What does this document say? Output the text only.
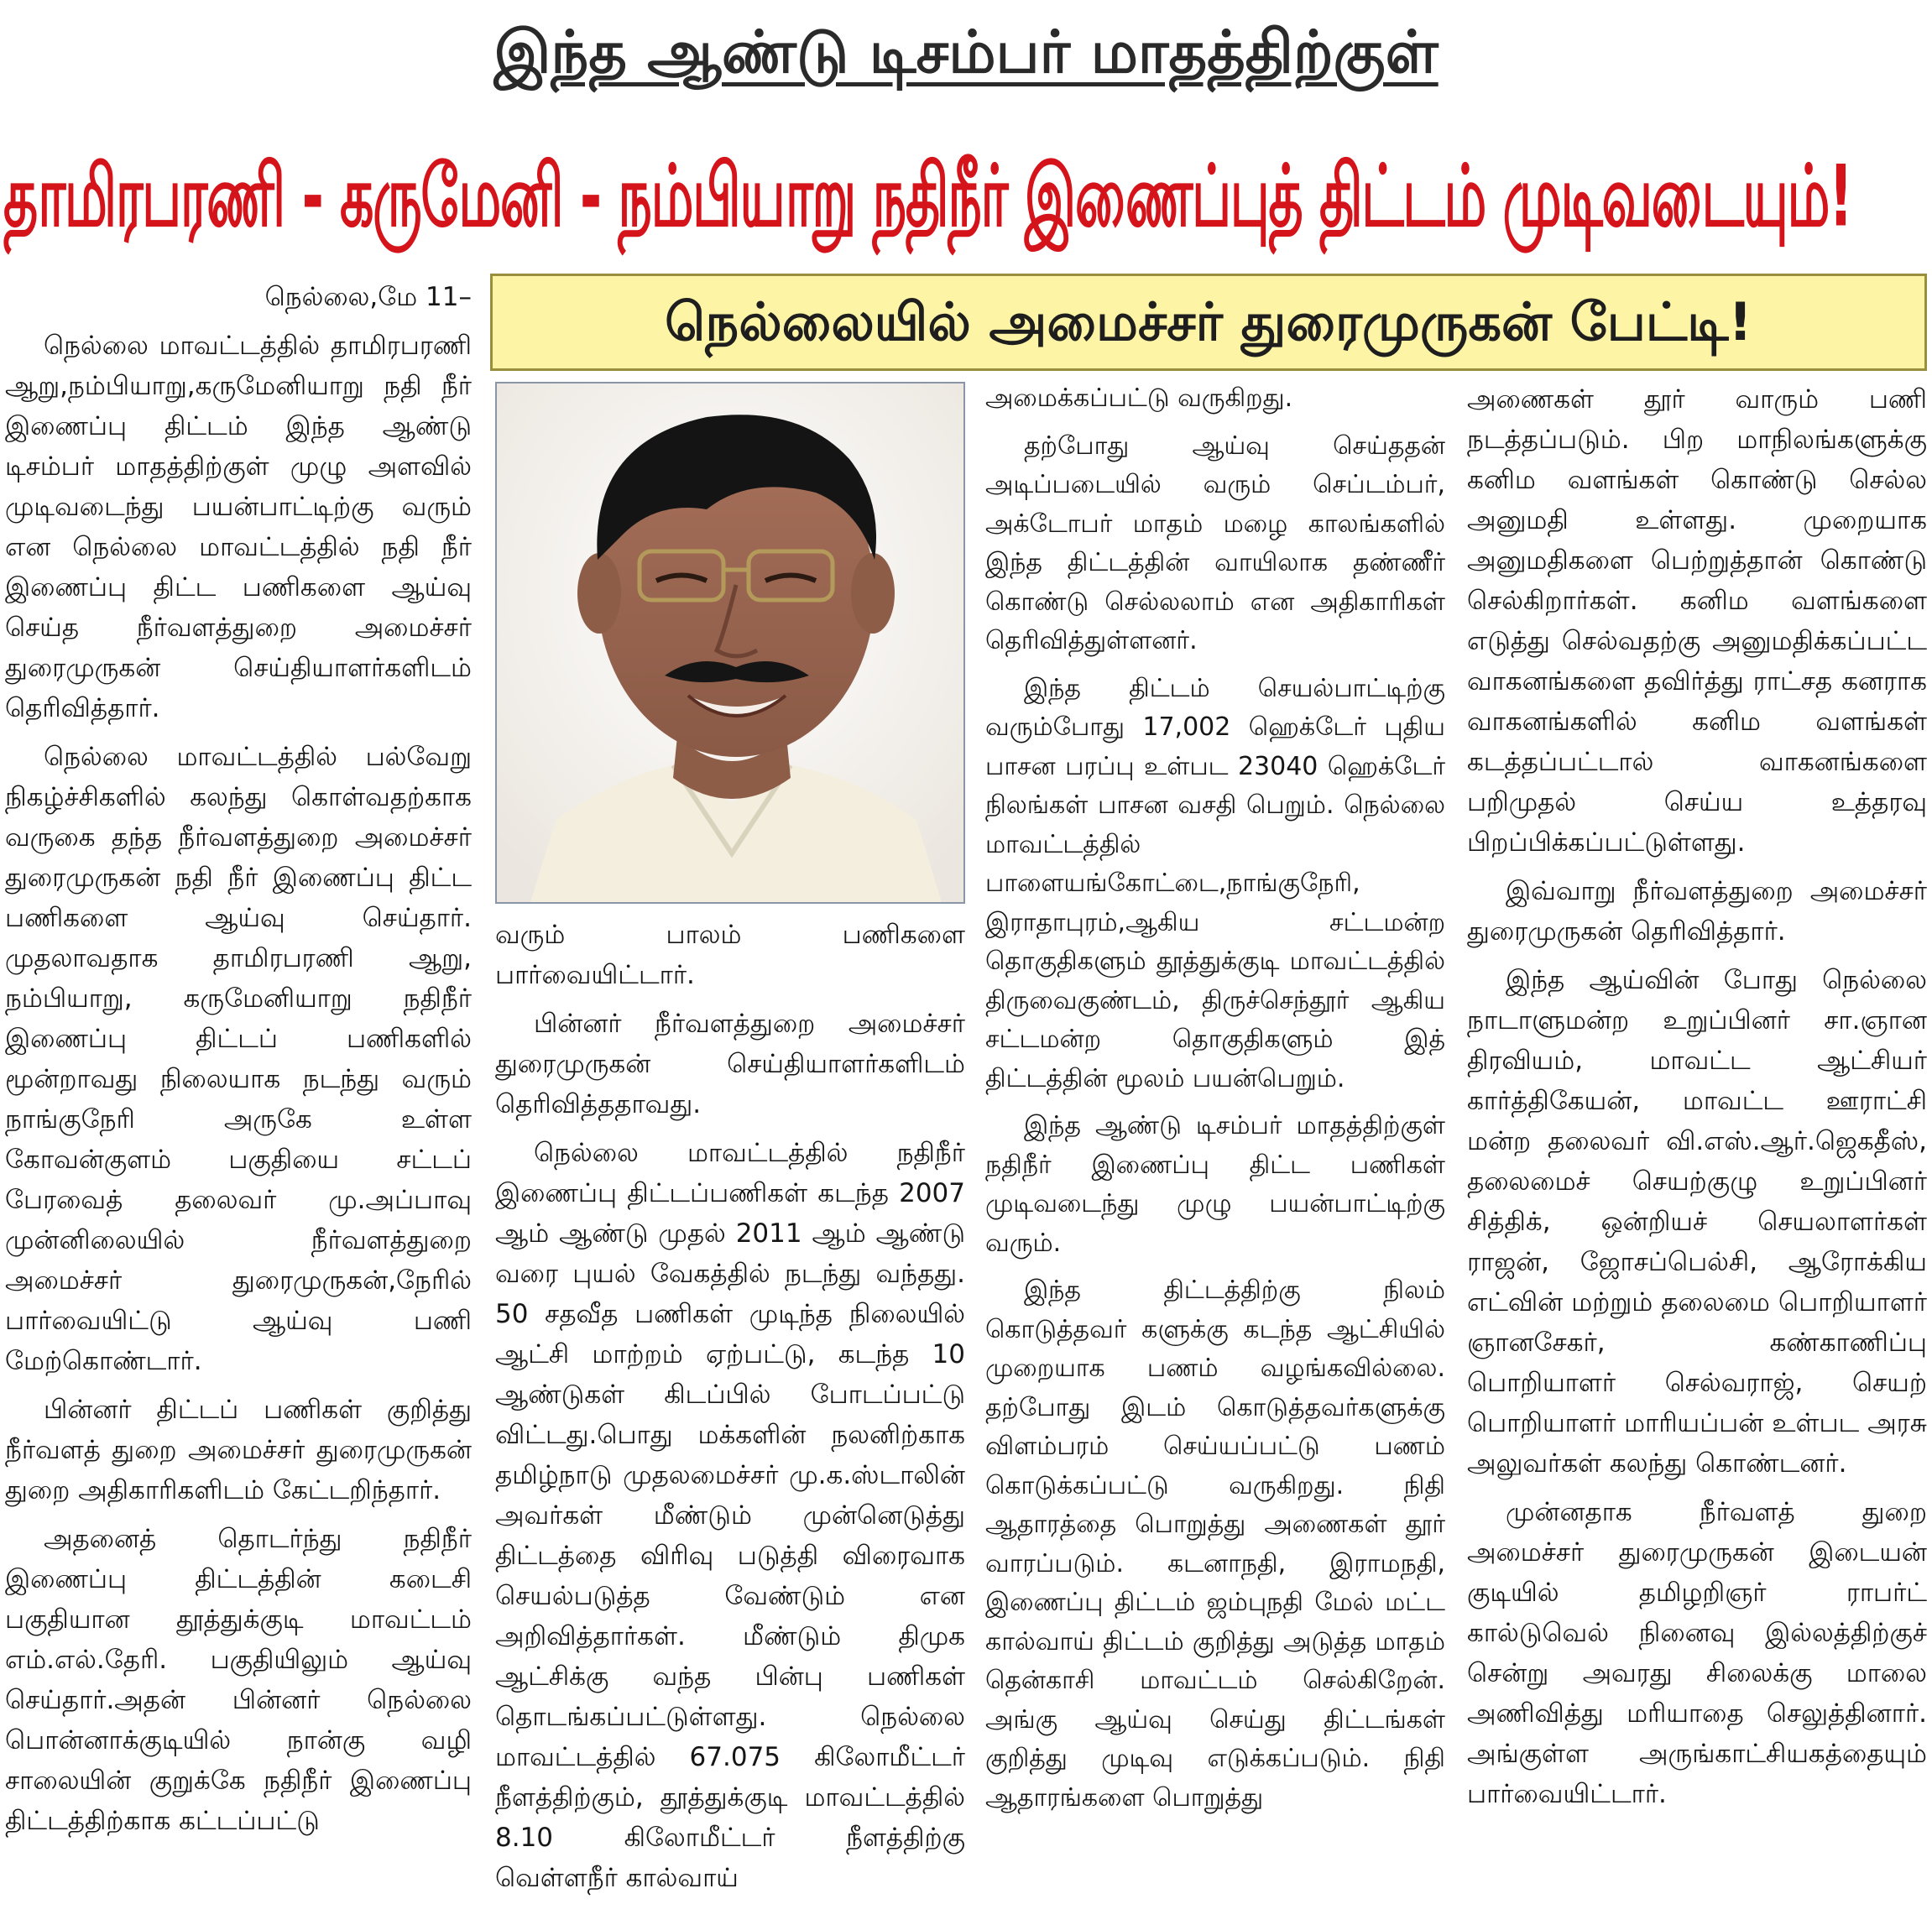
இந்த ஆண்டு டிசம்பர் மாதத்திற்குள்
தாமிரபரணி - கருமேனி - நம்பியாறு நதிநீர் இணைப்புத் திட்டம் முடிவடையும்!
நெல்லையில் அமைச்சர் துரைமுருகன் பேட்டி!

நெல்லை,மே 11–

நெல்லை மாவட்டத்தில் தாமிரபரணி ஆறு,நம்பியாறு,கருமேனியாறு நதி நீர் இணைப்பு திட்டம் இந்த ஆண்டு டிசம்பர் மாதத்திற்குள் முழு அளவில் முடிவடைந்து பயன்பாட்டிற்கு வரும் என நெல்லை மாவட்டத்தில் நதி நீர் இணைப்பு திட்ட பணிகளை ஆய்வு செய்த நீர்வளத்துறை அமைச்சர் துரைமுருகன் செய்தியாளர்களிடம் தெரிவித்தார்.

நெல்லை மாவட்டத்தில் பல்வேறு நிகழ்ச்சிகளில் கலந்து கொள்வதற்காக வருகை தந்த நீர்வளத்துறை அமைச்சர் துரைமுருகன் நதி நீர் இணைப்பு திட்ட பணிகளை ஆய்வு செய்தார். முதலாவதாக தாமிரபரணி ஆறு, நம்பியாறு, கருமேனியாறு நதிநீர் இணைப்பு திட்டப் பணிகளில் மூன்றாவது நிலையாக நடந்து வரும் நாங்குநேரி அருகே உள்ள கோவன்குளம் பகுதியை சட்டப் பேரவைத் தலைவர் மு.அப்பாவு முன்னிலையில் நீர்வளத்துறை அமைச்சர் துரைமுருகன்,நேரில் பார்வையிட்டு ஆய்வு பணி மேற்கொண்டார்.

பின்னர் திட்டப் பணிகள் குறித்து நீர்வளத் துறை அமைச்சர் துரைமுருகன் துறை அதிகாரிகளிடம் கேட்டறிந்தார்.

அதனைத் தொடர்ந்து நதிநீர் இணைப்பு திட்டத்தின் கடைசி பகுதியான தூத்துக்குடி மாவட்டம் எம்.எல்.தேரி. பகுதியிலும் ஆய்வு செய்தார்.அதன் பின்னர் நெல்லை பொன்னாக்குடியில் நான்கு வழி சாலையின் குறுக்கே நதிநீர் இணைப்பு திட்டத்திற்காக கட்டப்பட்டு

வரும் பாலம் பணிகளை பார்வையிட்டார்.

பின்னர் நீர்வளத்துறை அமைச்சர் துரைமுருகன் செய்தியாளர்களிடம் தெரிவித்ததாவது.

நெல்லை மாவட்டத்தில் நதிநீர் இணைப்பு திட்டப்பணிகள் கடந்த 2007 ஆம் ஆண்டு முதல் 2011 ஆம் ஆண்டு வரை புயல் வேகத்தில் நடந்து வந்தது. 50 சதவீத பணிகள் முடிந்த நிலையில் ஆட்சி மாற்றம் ஏற்பட்டு, கடந்த 10 ஆண்டுகள் கிடப்பில் போடப்பட்டு விட்டது.பொது மக்களின் நலனிற்காக தமிழ்நாடு முதலமைச்சர் மு.க.ஸ்டாலின் அவர்கள் மீண்டும் முன்னெடுத்து திட்டத்தை விரிவு படுத்தி விரைவாக செயல்படுத்த வேண்டும் என அறிவித்தார்கள். மீண்டும் திமுக ஆட்சிக்கு வந்த பின்பு பணிகள் தொடங்கப்பட்டுள்ளது. நெல்லை மாவட்டத்தில் 67.075 கிலோமீட்டர் நீளத்திற்கும், தூத்துக்குடி மாவட்டத்தில் 8.10 கிலோமீட்டர் நீளத்திற்கு வெள்ளநீர் கால்வாய்

அமைக்கப்பட்டு வருகிறது.

தற்போது ஆய்வு செய்ததன் அடிப்படையில் வரும் செப்டம்பர், அக்டோபர் மாதம் மழை காலங்களில் இந்த திட்டத்தின் வாயிலாக தண்ணீர் கொண்டு செல்லலாம் என அதிகாரிகள் தெரிவித்துள்ளனர்.

இந்த திட்டம் செயல்பாட்டிற்கு வரும்போது 17,002 ஹெக்டேர் புதிய பாசன பரப்பு உள்பட 23040 ஹெக்டேர் நிலங்கள் பாசன வசதி பெறும். நெல்லை மாவட்டத்தில் பாளையங்கோட்டை,நாங்குநேரி, இராதாபுரம்,ஆகிய சட்டமன்ற தொகுதிகளும் தூத்துக்குடி மாவட்டத்தில் திருவைகுண்டம், திருச்செந்தூர் ஆகிய சட்டமன்ற தொகுதிகளும் இத் திட்டத்தின் மூலம் பயன்பெறும்.

இந்த ஆண்டு டிசம்பர் மாதத்திற்குள் நதிநீர் இணைப்பு திட்ட பணிகள் முடிவடைந்து முழு பயன்பாட்டிற்கு வரும்.

இந்த திட்டத்திற்கு நிலம் கொடுத்தவர் களுக்கு கடந்த ஆட்சியில் முறையாக பணம் வழங்கவில்லை. தற்போது இடம் கொடுத்தவர்களுக்கு விளம்பரம் செய்யப்பட்டு பணம் கொடுக்கப்பட்டு வருகிறது. நிதி ஆதாரத்தை பொறுத்து அணைகள் தூர் வாரப்படும். கடனாநதி, இராமநதி, இணைப்பு திட்டம் ஜம்புநதி மேல் மட்ட கால்வாய் திட்டம் குறித்து அடுத்த மாதம் தென்காசி மாவட்டம் செல்கிறேன். அங்கு ஆய்வு செய்து திட்டங்கள் குறித்து முடிவு எடுக்கப்படும். நிதி ஆதாரங்களை பொறுத்து

அணைகள் தூர் வாரும் பணி நடத்தப்படும். பிற மாநிலங்களுக்கு கனிம வளங்கள் கொண்டு செல்ல அனுமதி உள்ளது. முறையாக அனுமதிகளை பெற்றுத்தான் கொண்டு செல்கிறார்கள். கனிம வளங்களை எடுத்து செல்வதற்கு அனுமதிக்கப்பட்ட வாகனங்களை தவிர்த்து ராட்சத கனராக வாகனங்களில் கனிம வளங்கள் கடத்தப்பட்டால் வாகனங்களை பறிமுதல் செய்ய உத்தரவு பிறப்பிக்கப்பட்டுள்ளது.

இவ்வாறு நீர்வளத்துறை அமைச்சர் துரைமுருகன் தெரிவித்தார்.

இந்த ஆய்வின் போது நெல்லை நாடாளுமன்ற உறுப்பினர் சா.ஞான திரவியம், மாவட்ட ஆட்சியர் கார்த்திகேயன், மாவட்ட ஊராட்சி மன்ற தலைவர் வி.எஸ்.ஆர்.ஜெகதீஸ், தலைமைச் செயற்குழு உறுப்பினர் சித்திக், ஒன்றியச் செயலாளர்கள் ராஜன், ஜோசப்பெல்சி, ஆரோக்கிய எட்வின் மற்றும் தலைமை பொறியாளர் ஞானசேகர், கண்காணிப்பு பொறியாளர் செல்வராஜ், செயற் பொறியாளர் மாரியப்பன் உள்பட அரசு அலுவர்கள் கலந்து கொண்டனர்.

முன்னதாக நீர்வளத் துறை அமைச்சர் துரைமுருகன் இடையன் குடியில் தமிழறிஞர் ராபர்ட் கால்டுவெல் நினைவு இல்லத்திற்குச் சென்று அவரது சிலைக்கு மாலை அணிவித்து மரியாதை செலுத்தினார். அங்குள்ள அருங்காட்சியகத்தையும் பார்வையிட்டார்.
